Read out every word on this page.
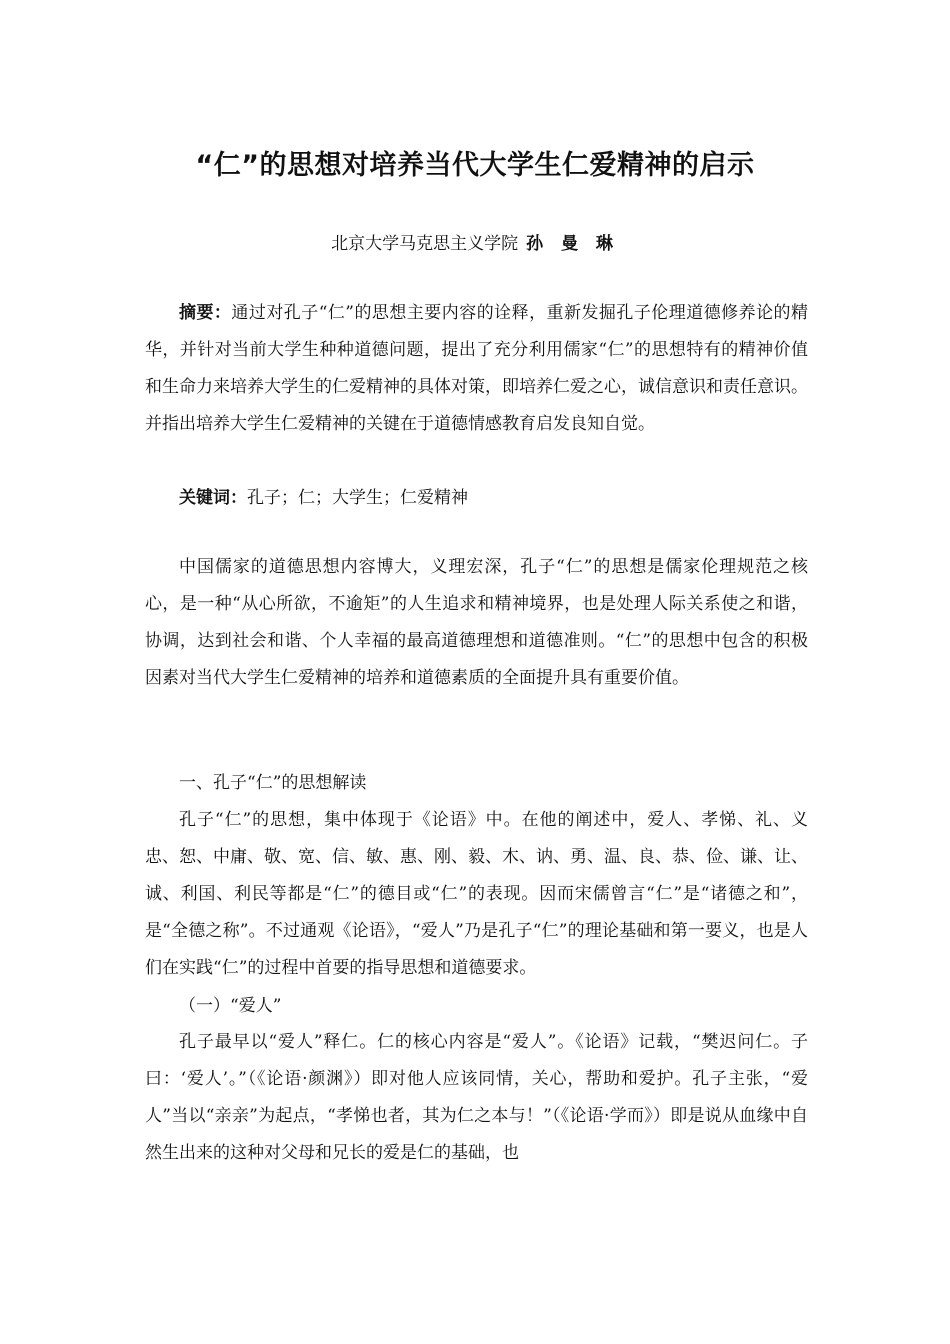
“仁”的思想对培养当代大学生仁爱精神的启示
北京大学马克思主义学院 孙 曼 琳
摘要：通过对孔子“仁”的思想主要内容的诠释，重新发掘孔子伦理道德修养论的精华，并针对当前大学生种种道德问题，提出了充分利用儒家“仁”的思想特有的精神价值和生命力来培养大学生的仁爱精神的具体对策，即培养仁爱之心，诚信意识和责任意识。并指出培养大学生仁爱精神的关键在于道德情感教育启发良知自觉。
关键词：孔子；仁；大学生；仁爱精神
中国儒家的道德思想内容博大，义理宏深，孔子“仁”的思想是儒家伦理规范之核心，是一种“从心所欲，不逾矩”的人生追求和精神境界，也是处理人际关系使之和谐，协调，达到社会和谐、个人幸福的最高道德理想和道德准则。“仁”的思想中包含的积极因素对当代大学生仁爱精神的培养和道德素质的全面提升具有重要价值。
一、孔子“仁”的思想解读
孔子“仁”的思想，集中体现于《论语》中。在他的阐述中，爱人、孝悌、礼、义忠、恕、中庸、敬、宽、信、敏、惠、刚、毅、木、讷、勇、温、良、恭、俭、谦、让、诚、利国、利民等都是“仁”的德目或“仁”的表现。因而宋儒曾言“仁”是“诸德之和”，是“全德之称”。不过通观《论语》，“爱人”乃是孔子“仁”的理论基础和第一要义，也是人们在实践“仁”的过程中首要的指导思想和道德要求。
（一）“爱人”
孔子最早以“爱人”释仁。仁的核心内容是“爱人”。《论语》记载，“樊迟问仁。子曰：‘爱人’。”（《论语·颜渊》）即对他人应该同情，关心，帮助和爱护。孔子主张，“爱人”当以“亲亲”为起点，“孝悌也者，其为仁之本与！”（《论语·学而》）即是说从血缘中自然生出来的这种对父母和兄长的爱是仁的基础，也
